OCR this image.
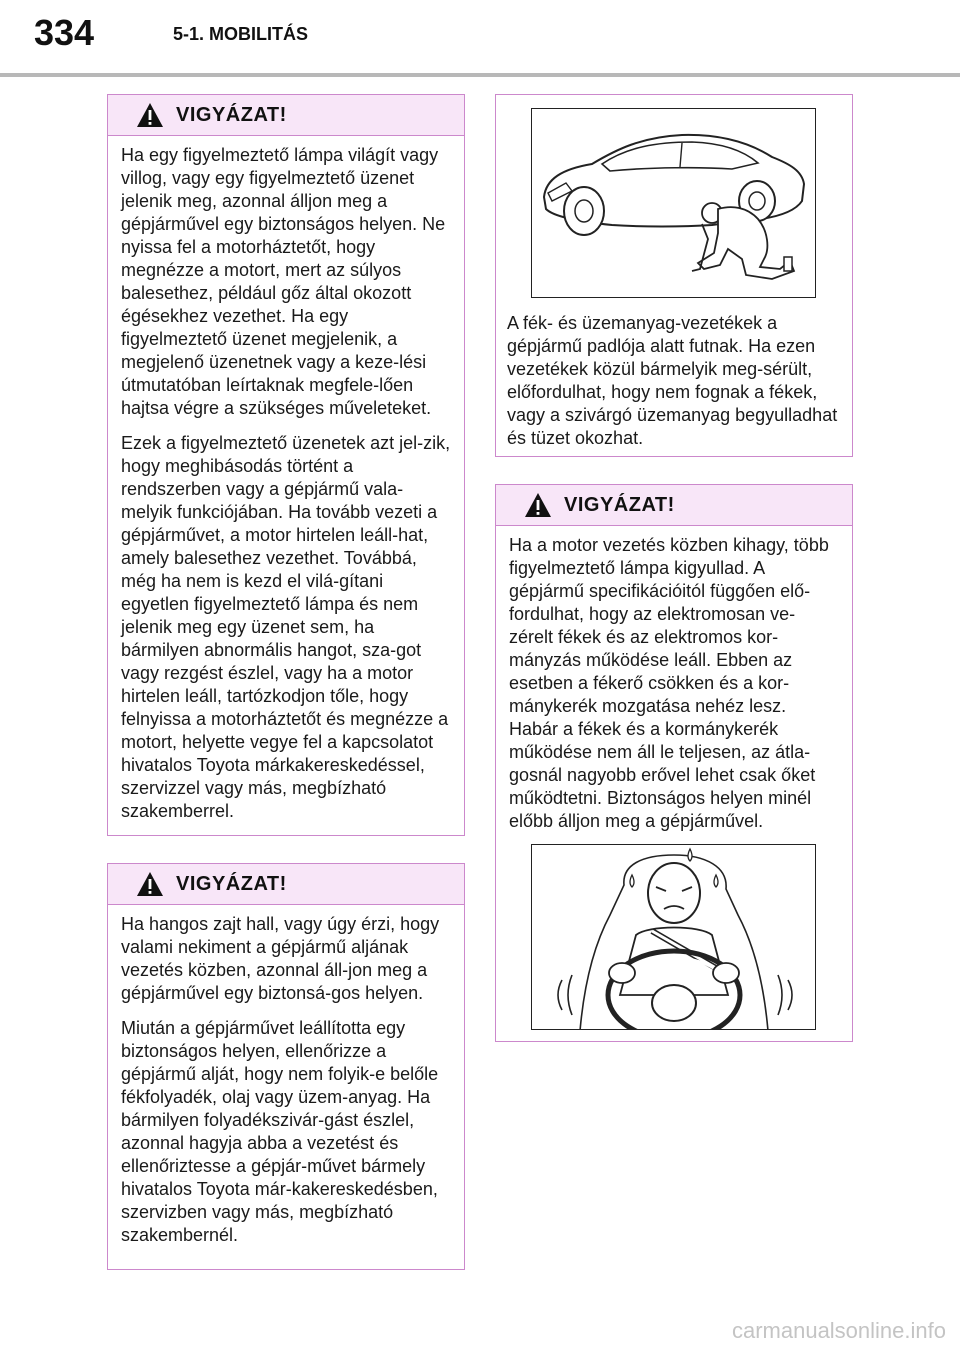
334	5-1. MOBILITÁS
VIGYÁZAT!

Ha egy figyelmeztető lámpa világít vagy villog, vagy egy figyelmeztető üzenet jelenik meg, azonnal álljon meg a gépjárművel egy biztonságos helyen. Ne nyissa fel a motorháztetőt, hogy megnézze a motort, mert az súlyos balesethez, például gőz által okozott égésekhez vezethet. Ha egy figyelmeztető üzenet megjelenik, a megjelenő üzenetnek vagy a keze-lési útmutatóban leírtaknak megfele-lően hajtsa végre a szükséges műveleteket.

Ezek a figyelmeztető üzenetek azt jel-zik, hogy meghibásodás történt a rendszerben vagy a gépjármű vala-melyik funkciójában. Ha tovább vezeti a gépjárművet, a motor hirtelen leáll-hat, amely balesethez vezethet. Továbbá, még ha nem is kezd el vilá-gítani egyetlen figyelmeztető lámpa és nem jelenik meg egy üzenet sem, ha bármilyen abnormális hangot, sza-got vagy rezgést észlel, vagy ha a motor hirtelen leáll, tartózkodjon tőle, hogy felnyissa a motorháztetőt és megnézze a motort, helyette vegye fel a kapcsolatot hivatalos Toyota márkakereskedéssel, szervizzel vagy más, megbízható szakemberrel.

VIGYÁZAT!

Ha hangos zajt hall, vagy úgy érzi, hogy valami nekiment a gépjármű aljának vezetés közben, azonnal áll-jon meg a gépjárművel egy biztonsá-gos helyen.

Miután a gépjárművet leállította egy biztonságos helyen, ellenőrizze a gépjármű alját, hogy nem folyik-e belőle fékfolyadék, olaj vagy üzem-anyag. Ha bármilyen folyadékszivár-gást észlel, azonnal hagyja abba a vezetést és ellenőriztesse a gépjár-művet bármely hivatalos Toyota már-kakereskedésben, szervizben vagy más, megbízható szakembernél.

A fék- és üzemanyag-vezetékek a gépjármű padlója alatt futnak. Ha ezen vezetékek közül bármelyik meg-sérült, előfordulhat, hogy nem fognak a fékek, vagy a szivárgó üzemanyag begyulladhat és tüzet okozhat.

VIGYÁZAT!

Ha a motor vezetés közben kihagy, több figyelmeztető lámpa kigyullad. A gépjármű specifikációitól függően elő-fordulhat, hogy az elektromosan ve-zérelt fékek és az elektromos kor-mányzás működése leáll. Ebben az esetben a fékerő csökken és a kor-mánykerék mozgatása nehéz lesz. Habár a fékek és a kormánykerék működése nem áll le teljesen, az átla-gosnál nagyobb erővel lehet csak őket működtetni. Biztonságos helyen minél előbb álljon meg a gépjárművel.

carmanualsonline.info
